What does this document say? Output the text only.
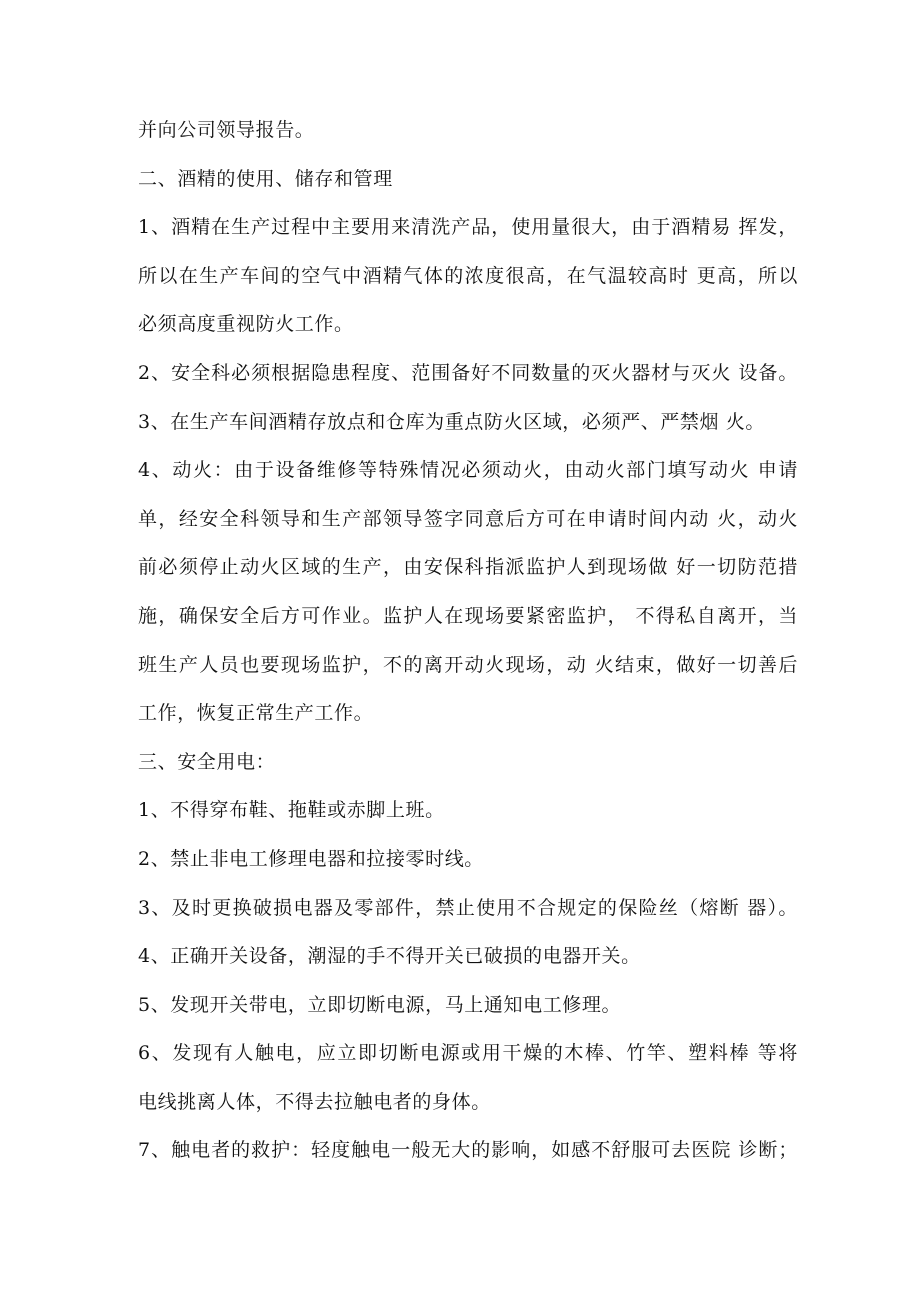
并向公司领导报告。
二、酒精的使用、储存和管理
1、酒精在生产过程中主要用来清洗产品，使用量很大，由于酒精易 挥发，
所以在生产车间的空气中酒精气体的浓度很高，在气温较高时 更高，所以
必须高度重视防火工作。
2、安全科必须根据隐患程度、范围备好不同数量的灭火器材与灭火 设备。
3、在生产车间酒精存放点和仓库为重点防火区域，必须严、严禁烟 火。
4、动火：由于设备维修等特殊情况必须动火，由动火部门填写动火 申请
单，经安全科领导和生产部领导签字同意后方可在申请时间内动 火，动火
前必须停止动火区域的生产，由安保科指派监护人到现场做 好一切防范措
施，确保安全后方可作业。监护人在现场要紧密监护， 不得私自离开，当
班生产人员也要现场监护，不的离开动火现场，动 火结束，做好一切善后
工作，恢复正常生产工作。
三、安全用电：
1、不得穿布鞋、拖鞋或赤脚上班。
2、禁止非电工修理电器和拉接零时线。
3、及时更换破损电器及零部件，禁止使用不合规定的保险丝（熔断 器）。
4、正确开关设备，潮湿的手不得开关已破损的电器开关。
5、发现开关带电，立即切断电源，马上通知电工修理。
6、发现有人触电，应立即切断电源或用干燥的木棒、竹竿、塑料棒 等将
电线挑离人体，不得去拉触电者的身体。
7、触电者的救护：轻度触电一般无大的影响，如感不舒服可去医院 诊断；
